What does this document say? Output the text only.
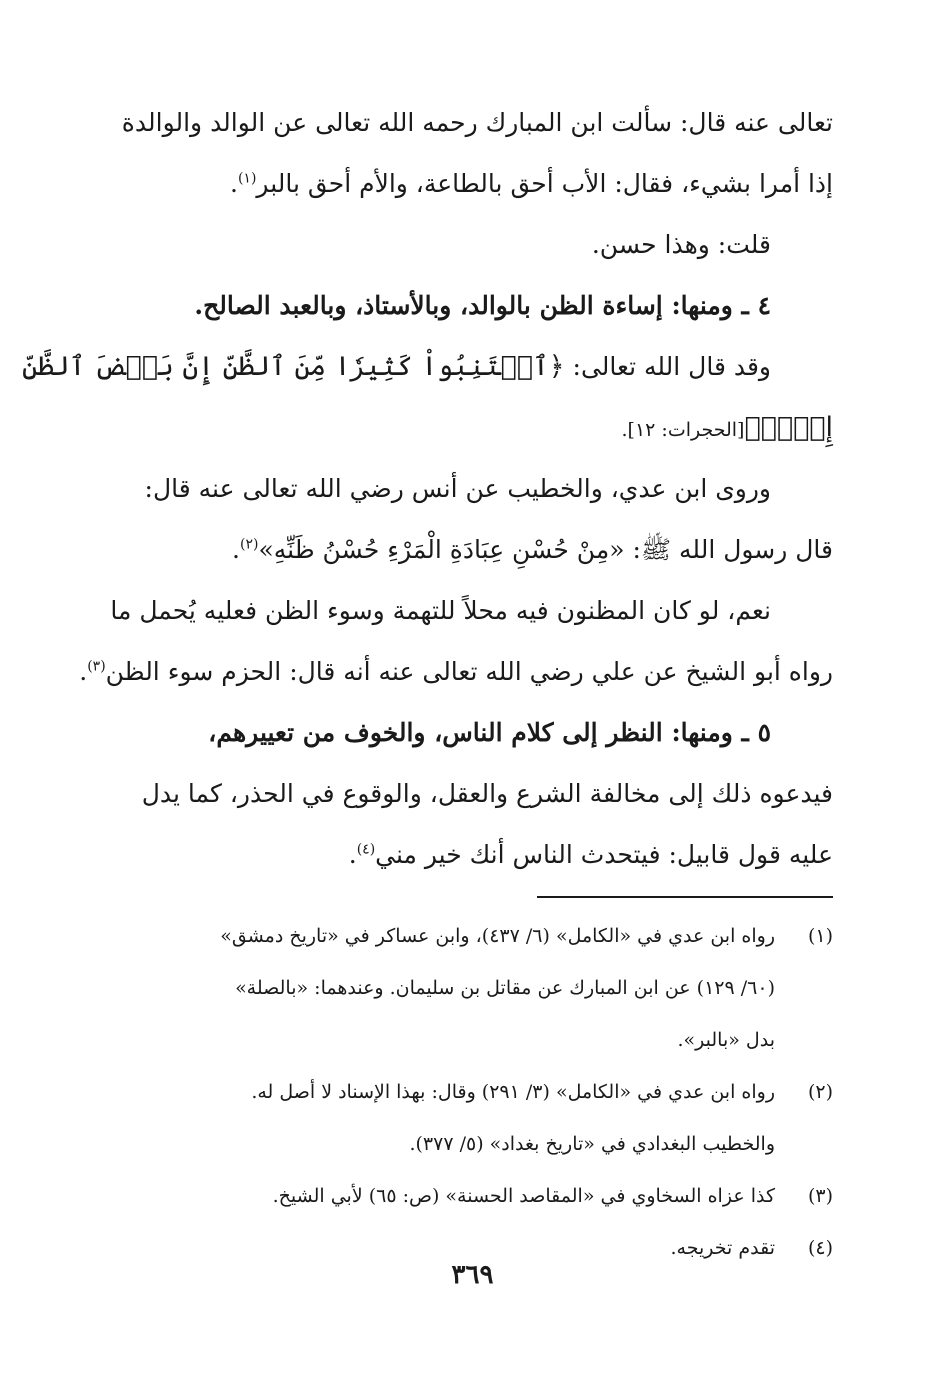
تعالى عنه قال: سألت ابن المبارك رحمه الله تعالى عن الوالد والوالدة
إذا أمرا بشيء، فقال: الأب أحق بالطاعة، والأم أحق بالبر$^{(١)}$.
قلت: وهذا حسن.
٤ ـ ومنها: إساءة الظن بالوالد، وبالأستاذ، وبالعبد الصالح.
وقد قال الله تعالى: ﴿ٱجۡتَنِبُواْ كَثِيرٗا مِّنَ ٱلظَّنِّ إِنَّ بَعۡضَ ٱلظَّنِّ
إِثۡمٞ﴾[الحجرات: ١٢].
وروى ابن عدي، والخطيب عن أنس رضي الله تعالى عنه قال:
قال رسول الله ﷺ: «مِنْ حُسْنِ عِبَادَةِ الْمَرْءِ حُسْنُ ظَنِّهِ»$^{(٢)}$.
نعم، لو كان المظنون فيه محلاً للتهمة وسوء الظن فعليه يُحمل ما
رواه أبو الشيخ عن علي رضي الله تعالى عنه أنه قال: الحزم سوء الظن$^{(٣)}$.
٥ ـ ومنها: النظر إلى كلام الناس، والخوف من تعييرهم،
فيدعوه ذلك إلى مخالفة الشرع والعقل، والوقوع في الحذر، كما يدل
عليه قول قابيل: فيتحدث الناس أنك خير مني$^{(٤)}$.
(١)
رواه ابن عدي في «الكامل» (٦/ ٤٣٧)، وابن عساكر في «تاريخ دمشق»
(٦٠/ ١٢٩) عن ابن المبارك عن مقاتل بن سليمان. وعندهما: «بالصلة»
بدل «بالبر».
(٢)
رواه ابن عدي في «الكامل» (٣/ ٢٩١) وقال: بهذا الإسناد لا أصل له.
والخطيب البغدادي في «تاريخ بغداد» (٥/ ٣٧٧).
(٣)
كذا عزاه السخاوي في «المقاصد الحسنة» (ص: ٦٥) لأبي الشيخ.
(٤)
تقدم تخريجه.
٣٦٩
